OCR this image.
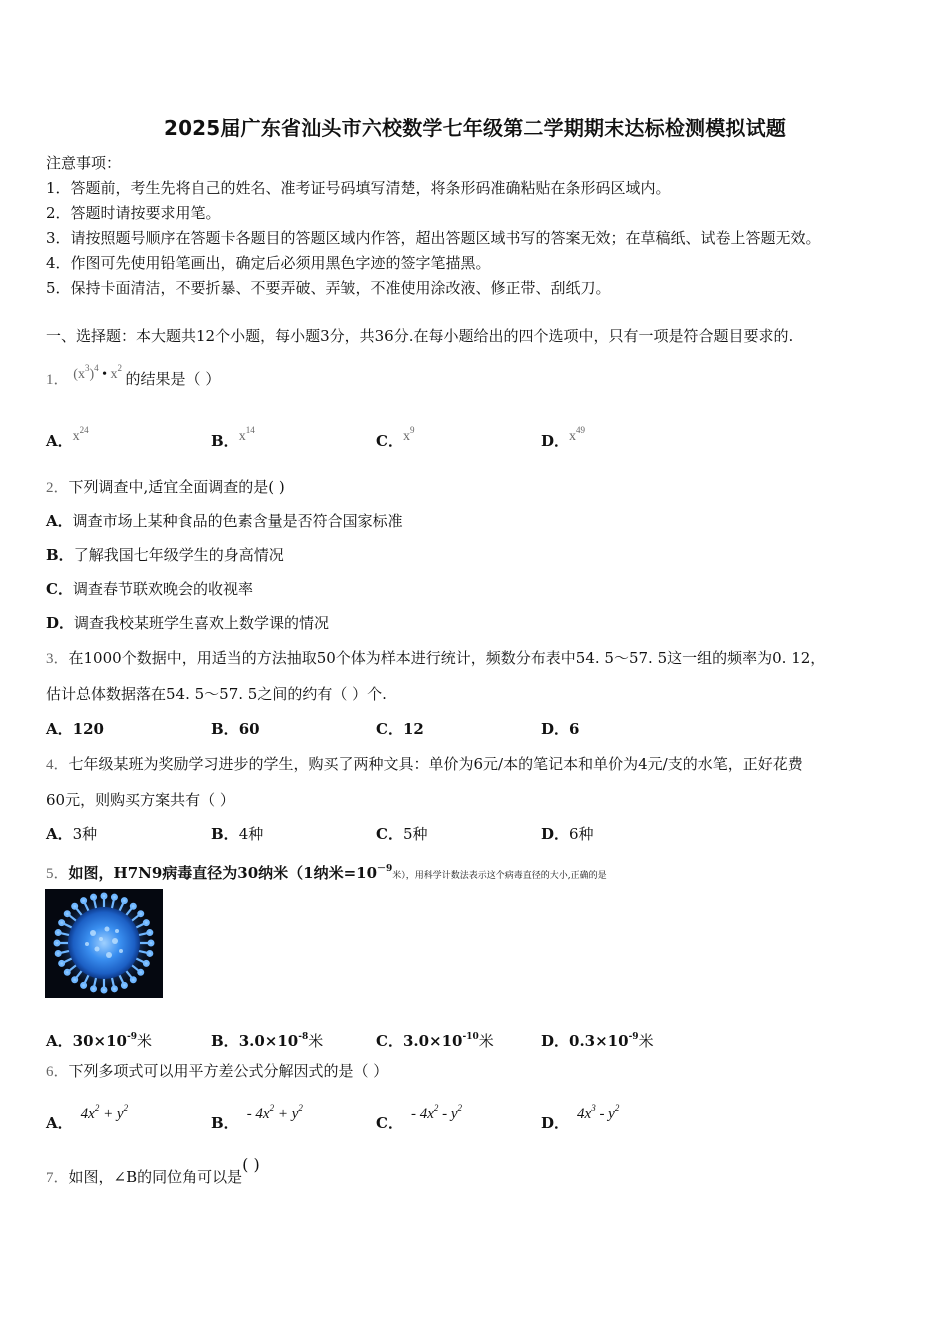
2025届广东省汕头市六校数学七年级第二学期期末达标检测模拟试题
注意事项：
1．答题前，考生先将自己的姓名、准考证号码填写清楚，将条形码准确粘贴在条形码区域内。
2．答题时请按要求用笔。
3．请按照题号顺序在答题卡各题目的答题区域内作答，超出答题区域书写的答案无效；在草稿纸、试卷上答题无效。
4．作图可先使用铅笔画出，确定后必须用黑色字迹的签字笔描黑。
5．保持卡面清洁，不要折暴、不要弄破、弄皱，不准使用涂改液、修正带、刮纸刀。
一、选择题：本大题共12个小题，每小题3分，共36分.在每小题给出的四个选项中，只有一项是符合题目要求的.
1． $(x^3)^4$ • $x^2$ 的结果是（ ）
A．$x^{24}$
B．$x^{14}$
C．$x^9$
D．$x^{49}$
2．下列调查中,适宜全面调查的是( )
A．调查市场上某种食品的色素含量是否符合国家标准
B．了解我国七年级学生的身高情况
C．调查春节联欢晚会的收视率
D．调查我校某班学生喜欢上数学课的情况
3．在1000个数据中，用适当的方法抽取50个体为样本进行统计，频数分布表中54. 5～57. 5这一组的频率为0. 12，
估计总体数据落在54. 5～57. 5之间的约有（ ）个.
A．120	B．60	C．12	D．6
4．七年级某班为奖励学习进步的学生，购买了两种文具：单价为6元/本的笔记本和单价为4元/支的水笔，正好花费
60元，则购买方案共有（ ）
A．3种	B．4种	C．5种	D．6种
5．如图，H7N9病毒直径为30纳米（1纳米$=10^{-9}$米），用科学计数法表示这个病毒直径的大小,正确的是
A．$30\times 10^{-9}$米	B．$3.0\times 10^{-8}$米	C．$3.0\times 10^{-10}$米	D．$0.3\times 10^{-9}$米
6．下列多项式可以用平方差公式分解因式的是（ ）
A． $4x^2 + y^2$
B． - $4x^2 + y^2$
C． - $4x^2 - y^2$
D． $4x^3 - y^2$
7．如图，∠B的同位角可以是( )
